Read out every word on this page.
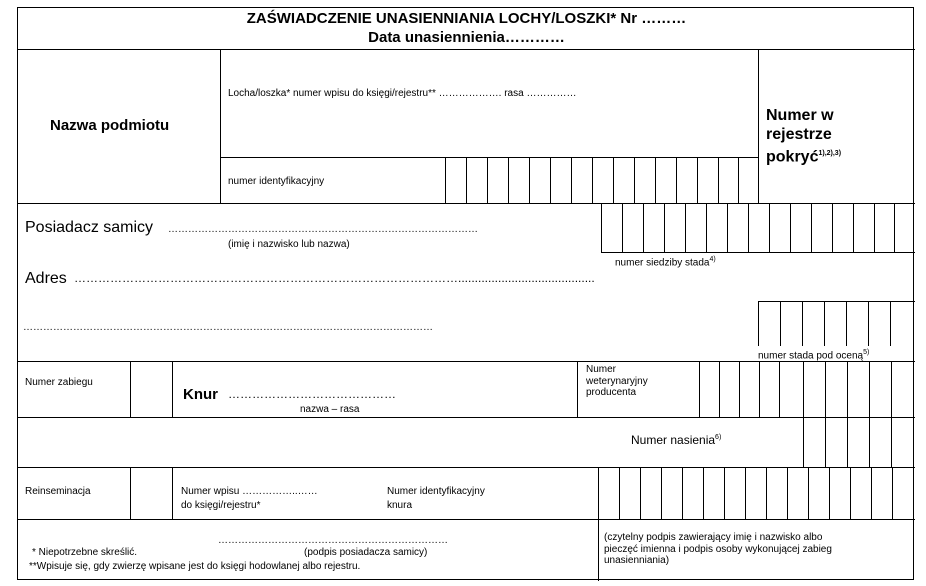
ZAŚWIADCZENIE UNASIENNIANIA LOCHY/LOSZKI* Nr ………
Data unasiennienia…………
Nazwa podmiotu
Locha/loszka* numer wpisu do księgi/rejestru** ………………. rasa ……………
numer identyfikacyjny
Numer w
rejestrze
pokryć$^{1),2),3)}$
Posiadacz samicy …………………………………………………………………………………
(imię i nazwisko lub nazwa)
numer siedziby stada$^{4)}$
Adres …………………………………………………………………………………….........................................
……………………………………………………………………………………………………………
numer stada pod oceną$^{5)}$
Numer zabiegu
Knur ……………………………………
nazwa – rasa
Numer
weterynaryjny
producenta
Numer nasienia$^{6)}$
Reinseminacja	Numer wpisu ……………..……
do księgi/rejestru*
Numer identyfikacyjny
knura
……………………………………………………………
* Niepotrzebne skreślić.	(podpis posiadacza samicy)
**Wpisuje się, gdy zwierzę wpisane jest do księgi hodowlanej albo rejestru.
(czytelny podpis zawierający imię i nazwisko albo
pieczęć imienna i podpis osoby wykonującej zabieg
unasienniania)
